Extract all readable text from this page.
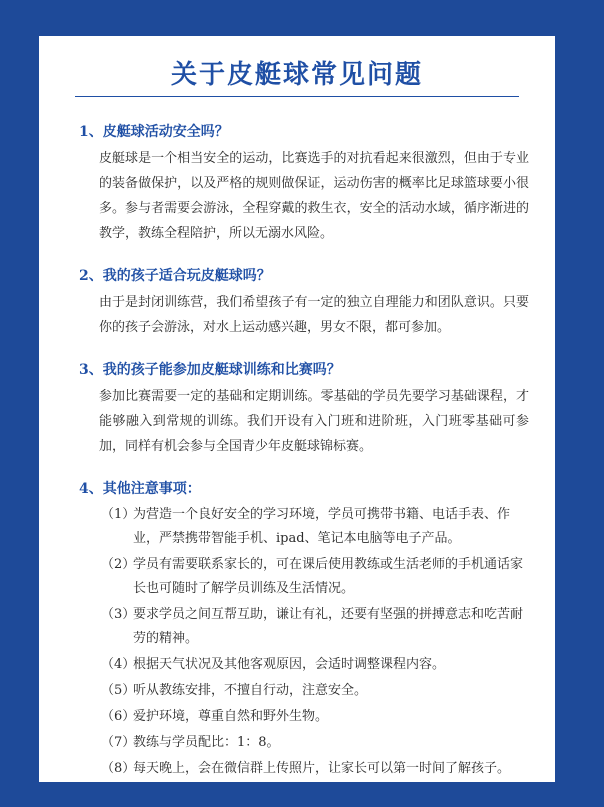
关于皮艇球常见问题
1、皮艇球活动安全吗？

皮艇球是一个相当安全的运动，比赛选手的对抗看起来很激烈，但由于专业的装备做保护，以及严格的规则做保证，运动伤害的概率比足球篮球要小很多。参与者需要会游泳，全程穿戴的救生衣，安全的活动水域，循序渐进的教学，教练全程陪护，所以无溺水风险。

2、我的孩子适合玩皮艇球吗？

由于是封闭训练营，我们希望孩子有一定的独立自理能力和团队意识。只要你的孩子会游泳，对水上运动感兴趣，男女不限，都可参加。

3、我的孩子能参加皮艇球训练和比赛吗？

参加比赛需要一定的基础和定期训练。零基础的学员先要学习基础课程，才能够融入到常规的训练。我们开设有入门班和进阶班，入门班零基础可参加，同样有机会参与全国青少年皮艇球锦标赛。

4、其他注意事项：
（1）
为营造一个良好安全的学习环境，学员可携带书籍、电话手表、作业，严禁携带智能手机、ipad、笔记本电脑等电子产品。
（2）
学员有需要联系家长的，可在课后使用教练或生活老师的手机通话家长也可随时了解学员训练及生活情况。
（3）
要求学员之间互帮互助，谦让有礼，还要有坚强的拼搏意志和吃苦耐劳的精神。
（4）
根据天气状况及其他客观原因，会适时调整课程内容。
（5）
听从教练安排，不擅自行动，注意安全。
（6）
爱护环境，尊重自然和野外生物。
（7）
教练与学员配比：1：8。
（8）
每天晚上，会在微信群上传照片，让家长可以第一时间了解孩子。
